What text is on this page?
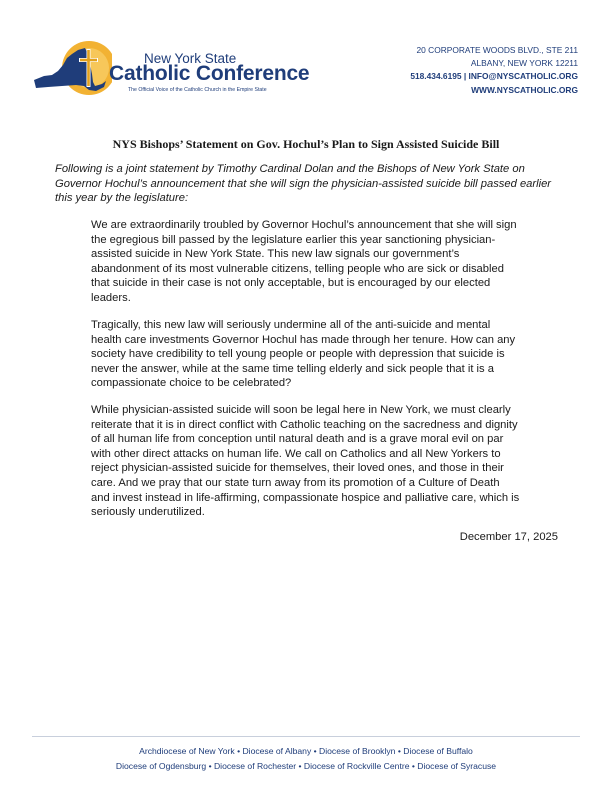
New York State
Catholic Conference
The Official Voice of the Catholic Church in the Empire State
20 CORPORATE WOODS BLVD., STE 211
ALBANY, NEW YORK 12211
518.434.6195 | INFO@NYSCATHOLIC.ORG
WWW.NYSCATHOLIC.ORG
NYS Bishops’ Statement on Gov. Hochul’s Plan to Sign Assisted Suicide Bill
Following is a joint statement by Timothy Cardinal Dolan and the Bishops of New York State on Governor Hochul’s announcement that she will sign the physician-assisted suicide bill passed earlier this year by the legislature:
We are extraordinarily troubled by Governor Hochul’s announcement that she will sign the egregious bill passed by the legislature earlier this year sanctioning physician-assisted suicide in New York State. This new law signals our government’s abandonment of its most vulnerable citizens, telling people who are sick or disabled that suicide in their case is not only acceptable, but is encouraged by our elected leaders.
Tragically, this new law will seriously undermine all of the anti-suicide and mental health care investments Governor Hochul has made through her tenure. How can any society have credibility to tell young people or people with depression that suicide is never the answer, while at the same time telling elderly and sick people that it is a compassionate choice to be celebrated?
While physician-assisted suicide will soon be legal here in New York, we must clearly reiterate that it is in direct conflict with Catholic teaching on the sacredness and dignity of all human life from conception until natural death and is a grave moral evil on par with other direct attacks on human life. We call on Catholics and all New Yorkers to reject physician-assisted suicide for themselves, their loved ones, and those in their care. And we pray that our state turn away from its promotion of a Culture of Death and invest instead in life-affirming, compassionate hospice and palliative care, which is seriously underutilized.
December 17, 2025
Archdiocese of New York • Diocese of Albany • Diocese of Brooklyn • Diocese of Buffalo
Diocese of Ogdensburg • Diocese of Rochester • Diocese of Rockville Centre • Diocese of Syracuse
